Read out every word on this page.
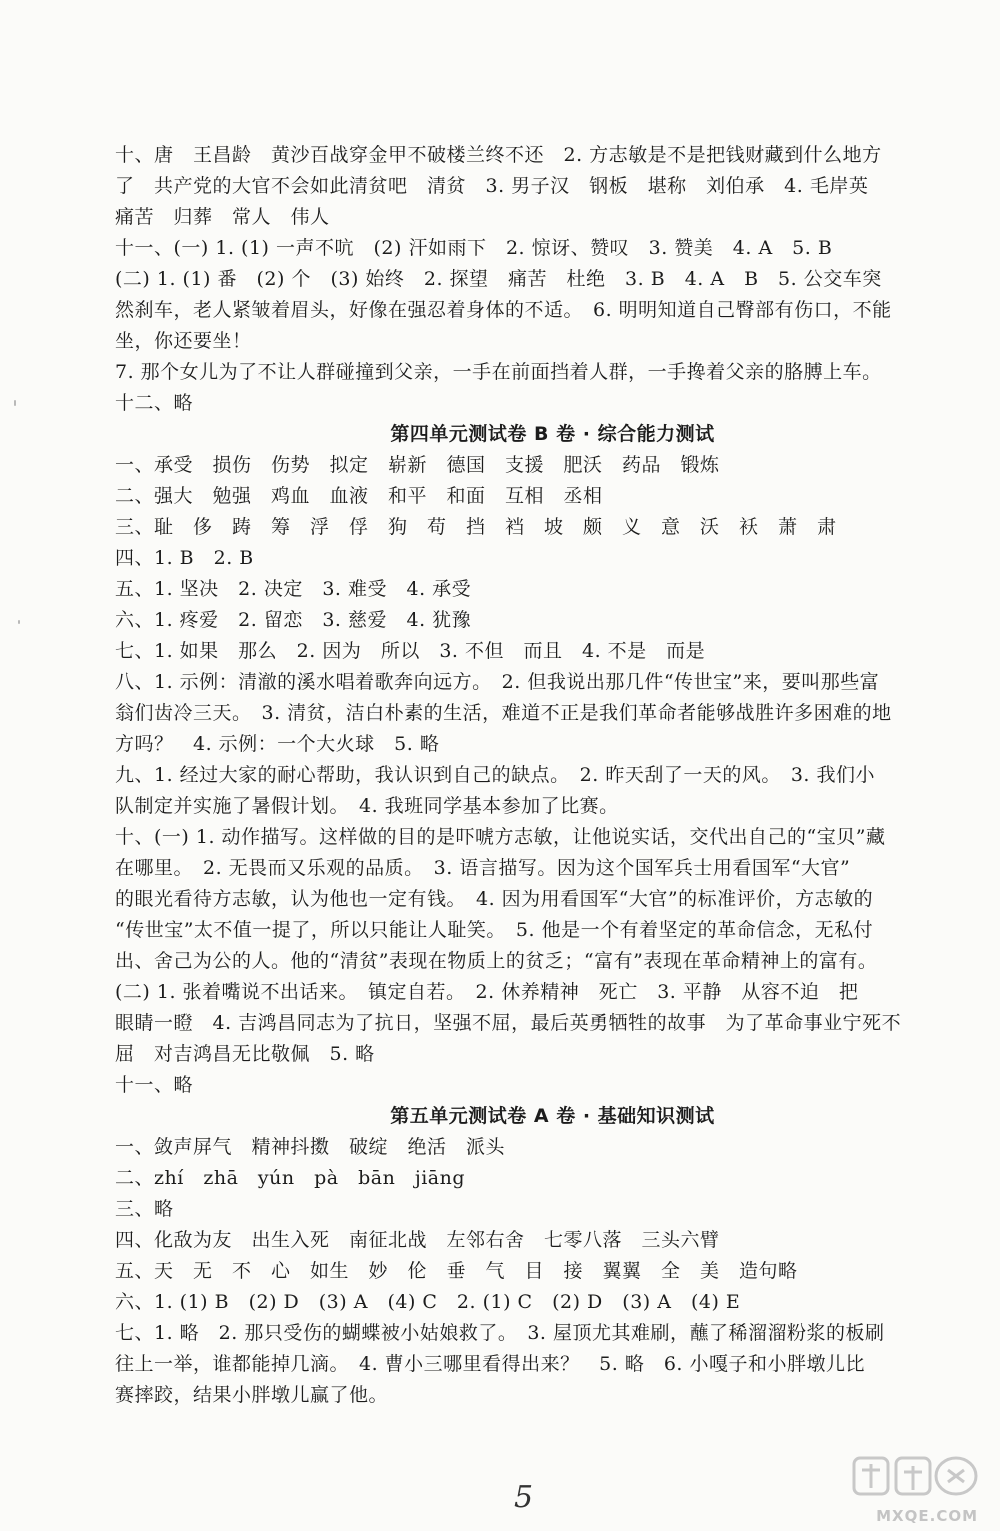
十、唐　王昌龄　黄沙百战穿金甲不破楼兰终不还　2. 方志敏是不是把钱财藏到什么地方
了　共产党的大官不会如此清贫吧　清贫　3. 男子汉　钢板　堪称　刘伯承　4. 毛岸英
痛苦　归葬　常人　伟人
十一、(一) 1. (1) 一声不吭　(2) 汗如雨下　2. 惊讶、赞叹　3. 赞美　4. A　5. B
(二) 1. (1) 番　(2) 个　(3) 始终　2. 探望　痛苦　杜绝　3. B　4. A　B　5. 公交车突
然刹车，老人紧皱着眉头，好像在强忍着身体的不适。　6. 明明知道自己臀部有伤口，不能
坐，你还要坐！
7. 那个女儿为了不让人群碰撞到父亲，一手在前面挡着人群，一手搀着父亲的胳膊上车。
十二、略
第四单元测试卷 B 卷 · 综合能力测试
一、承受　损伤　伤势　拟定　崭新　德国　支援　肥沃　药品　锻炼
二、强大　勉强　鸡血　血液　和平　和面　互相　丞相
三、耻　侈　踌　筹　浮　俘　狗　苟　挡　裆　坡　颇　义　意　沃　袄　萧　肃
四、1. B　2. B
五、1. 坚决　2. 决定　3. 难受　4. 承受
六、1. 疼爱　2. 留恋　3. 慈爱　4. 犹豫
七、1. 如果　那么　2. 因为　所以　3. 不但　而且　4. 不是　而是
八、1. 示例：清澈的溪水唱着歌奔向远方。　2. 但我说出那几件“传世宝”来，要叫那些富
翁们齿冷三天。　3. 清贫，洁白朴素的生活，难道不正是我们革命者能够战胜许多困难的地
方吗？　4. 示例：一个大火球　5. 略
九、1. 经过大家的耐心帮助，我认识到自己的缺点。　2. 昨天刮了一天的风。　3. 我们小
队制定并实施了暑假计划。　4. 我班同学基本参加了比赛。
十、(一) 1. 动作描写。这样做的目的是吓唬方志敏，让他说实话，交代出自己的“宝贝”藏
在哪里。　2. 无畏而又乐观的品质。　3. 语言描写。因为这个国军兵士用看国军“大官”
的眼光看待方志敏，认为他也一定有钱。　4. 因为用看国军“大官”的标准评价，方志敏的
“传世宝”太不值一提了，所以只能让人耻笑。　5. 他是一个有着坚定的革命信念，无私付
出、舍己为公的人。他的“清贫”表现在物质上的贫乏；“富有”表现在革命精神上的富有。
(二) 1. 张着嘴说不出话来。　镇定自若。　2. 休养精神　死亡　3. 平静　从容不迫　把
眼睛一瞪　4. 吉鸿昌同志为了抗日，坚强不屈，最后英勇牺牲的故事　为了革命事业宁死不
屈　对吉鸿昌无比敬佩　5. 略
十一、略
第五单元测试卷 A 卷 · 基础知识测试
一、敛声屏气　精神抖擞　破绽　绝活　派头
二、zhí　zhā　yún　pà　bān　jiāng
三、略
四、化敌为友　出生入死　南征北战　左邻右舍　七零八落　三头六臂
五、天　无　不　心　如生　妙　伦　垂　气　目　接　翼翼　全　美　造句略
六、1. (1) B　(2) D　(3) A　(4) C　2. (1) C　(2) D　(3) A　(4) E
七、1. 略　2. 那只受伤的蝴蝶被小姑娘救了。　3. 屋顶尤其难刷，蘸了稀溜溜粉浆的板刷
往上一举，谁都能掉几滴。　4. 曹小三哪里看得出来？　5. 略　6. 小嘎子和小胖墩儿比
赛摔跤，结果小胖墩儿赢了他。
5
MXQE.COM
